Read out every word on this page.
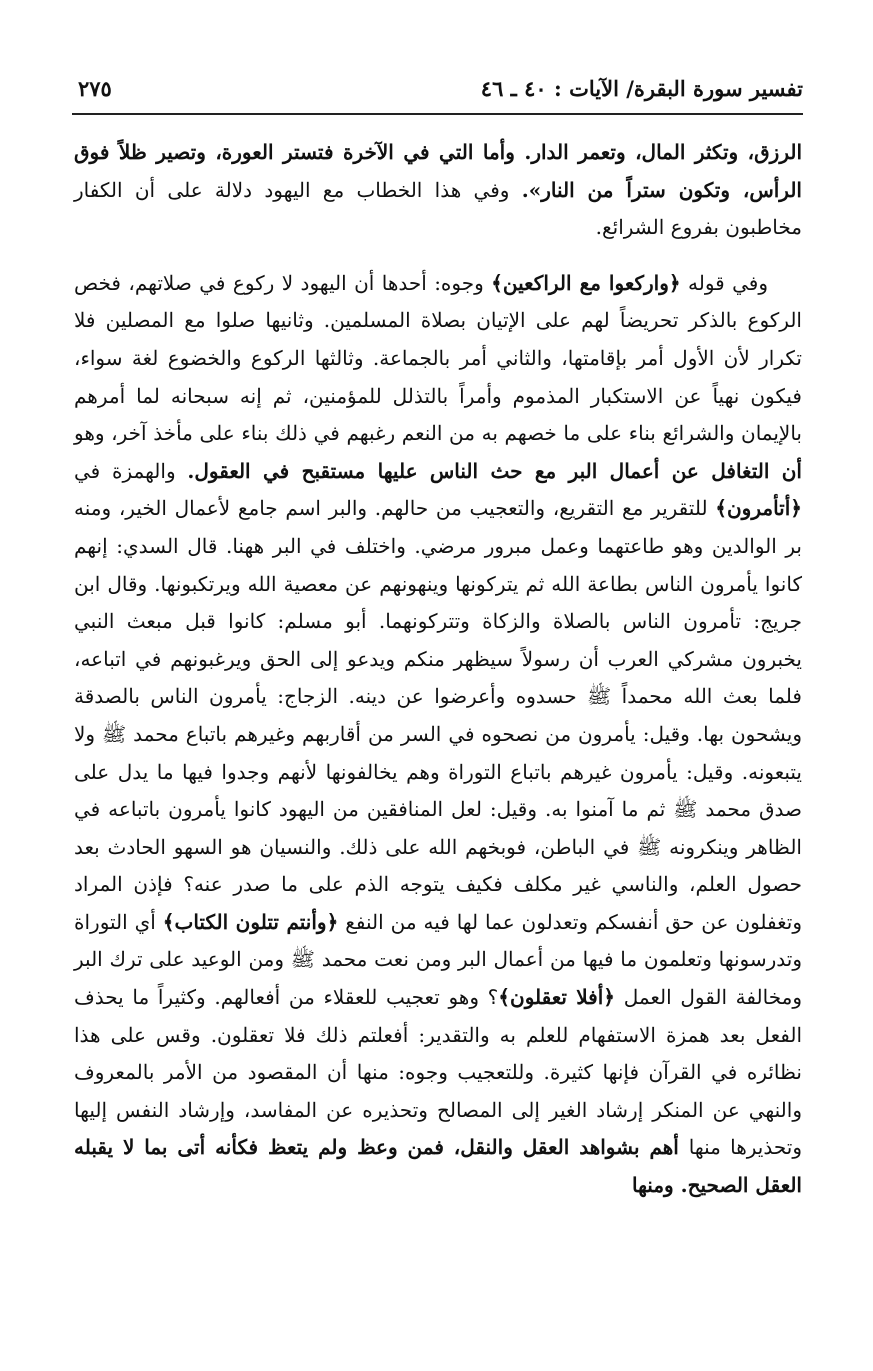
تفسير سورة البقرة/ الآيات : ٤٠ ـ ٤٦
٢٧٥

الرزق، وتكثر المال، وتعمر الدار. وأما التي في الآخرة فتستر العورة، وتصير ظلاً فوق الرأس، وتكون ستراً من النار». وفي هذا الخطاب مع اليهود دلالة على أن الكفار مخاطبون بفروع الشرائع.

وفي قوله ﴿واركعوا مع الراكعين﴾ وجوه: أحدها أن اليهود لا ركوع في صلاتهم، فخص الركوع بالذكر تحريضاً لهم على الإتيان بصلاة المسلمين. وثانيها صلوا مع المصلين فلا تكرار لأن الأول أمر بإقامتها، والثاني أمر بالجماعة. وثالثها الركوع والخضوع لغة سواء، فيكون نهياً عن الاستكبار المذموم وأمراً بالتذلل للمؤمنين، ثم إنه سبحانه لما أمرهم بالإيمان والشرائع بناء على ما خصهم به من النعم رغبهم في ذلك بناء على مأخذ آخر، وهو أن التغافل عن أعمال البر مع حث الناس عليها مستقبح في العقول. والهمزة في ﴿أتأمرون﴾ للتقرير مع التقريع، والتعجيب من حالهم. والبر اسم جامع لأعمال الخير، ومنه بر الوالدين وهو طاعتهما وعمل مبرور مرضي. واختلف في البر ههنا. قال السدي: إنهم كانوا يأمرون الناس بطاعة الله ثم يتركونها وينهونهم عن معصية الله ويرتكبونها. وقال ابن جريج: تأمرون الناس بالصلاة والزكاة وتتركونهما. أبو مسلم: كانوا قبل مبعث النبي يخبرون مشركي العرب أن رسولاً سيظهر منكم ويدعو إلى الحق ويرغبونهم في اتباعه، فلما بعث الله محمداً ﷺ حسدوه وأعرضوا عن دينه. الزجاج: يأمرون الناس بالصدقة ويشحون بها. وقيل: يأمرون من نصحوه في السر من أقاربهم وغيرهم باتباع محمد ﷺ ولا يتبعونه. وقيل: يأمرون غيرهم باتباع التوراة وهم يخالفونها لأنهم وجدوا فيها ما يدل على صدق محمد ﷺ ثم ما آمنوا به. وقيل: لعل المنافقين من اليهود كانوا يأمرون باتباعه في الظاهر وينكرونه ﷺ في الباطن، فوبخهم الله على ذلك. والنسيان هو السهو الحادث بعد حصول العلم، والناسي غير مكلف فكيف يتوجه الذم على ما صدر عنه؟ فإذن المراد وتغفلون عن حق أنفسكم وتعدلون عما لها فيه من النفع ﴿وأنتم تتلون الكتاب﴾ أي التوراة وتدرسونها وتعلمون ما فيها من أعمال البر ومن نعت محمد ﷺ ومن الوعيد على ترك البر ومخالفة القول العمل ﴿أفلا تعقلون﴾؟ وهو تعجيب للعقلاء من أفعالهم. وكثيراً ما يحذف الفعل بعد همزة الاستفهام للعلم به والتقدير: أفعلتم ذلك فلا تعقلون. وقس على هذا نظائره في القرآن فإنها كثيرة. وللتعجيب وجوه: منها أن المقصود من الأمر بالمعروف والنهي عن المنكر إرشاد الغير إلى المصالح وتحذيره عن المفاسد، وإرشاد النفس إليها وتحذيرها منها أهم بشواهد العقل والنقل، فمن وعظ ولم يتعظ فكأنه أتى بما لا يقبله العقل الصحيح. ومنها
